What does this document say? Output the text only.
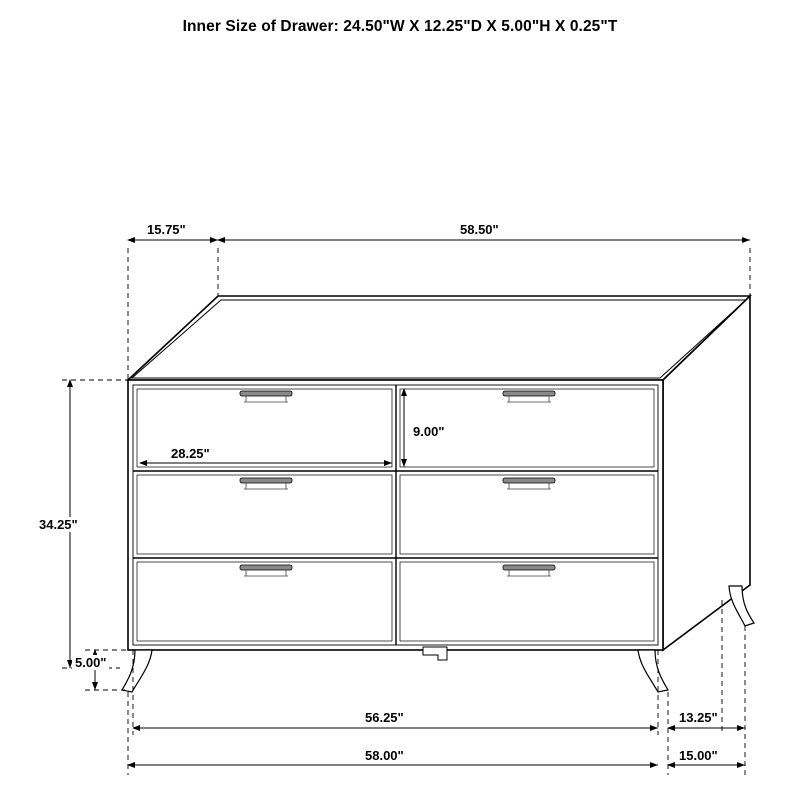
Inner Size of Drawer: 24.50"W X 12.25"D X 5.00"H X 0.25"T
15.75"	58.50"
28.25"
9.00"
34.25"
5.00"
56.25"	13.25"
58.00"	15.00"
